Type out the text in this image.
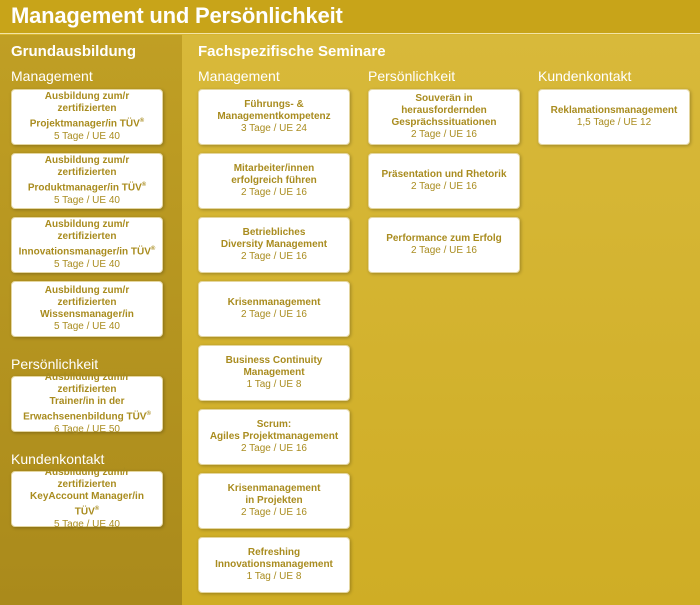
Management und Persönlichkeit
Grundausbildung	Fachspezifische Seminare
Management
Persönlichkeit
Kundenkontakt
Ausbildung zum/r
zertifizierten
Projektmanager/in TÜV®
5 Tage / UE 40
Ausbildung zum/r
zertifizierten
Produktmanager/in TÜV®
5 Tage / UE 40
Ausbildung zum/r
zertifizierten
Innovationsmanager/in TÜV®
5 Tage / UE 40
Ausbildung zum/r
zertifizierten
Wissensmanager/in
5 Tage / UE 40
Ausbildung zum/r zertifizierten
Trainer/in in der
Erwachsenenbildung TÜV®
6 Tage / UE 50
Ausbildung zum/r zertifizierten
KeyAccount Manager/in TÜV®
5 Tage / UE 40
Management	Persönlichkeit	Kundenkontakt
Führungs- &
Managementkompetenz
3 Tage / UE 24
Mitarbeiter/innen
erfolgreich führen
2 Tage / UE 16
Betriebliches
Diversity Management
2 Tage / UE 16
Krisenmanagement
2 Tage / UE 16
Business Continuity
Management
1 Tag / UE 8
Scrum:
Agiles Projektmanagement
2 Tage / UE 16
Krisenmanagement
in Projekten
2 Tage / UE 16
Refreshing
Innovationsmanagement
1 Tag / UE 8
Souverän in
herausfordernden
Gesprächssituationen
2 Tage / UE 16
Präsentation und Rhetorik
2 Tage / UE 16
Performance zum Erfolg
2 Tage / UE 16
Reklamationsmanagement
1,5 Tage / UE 12
